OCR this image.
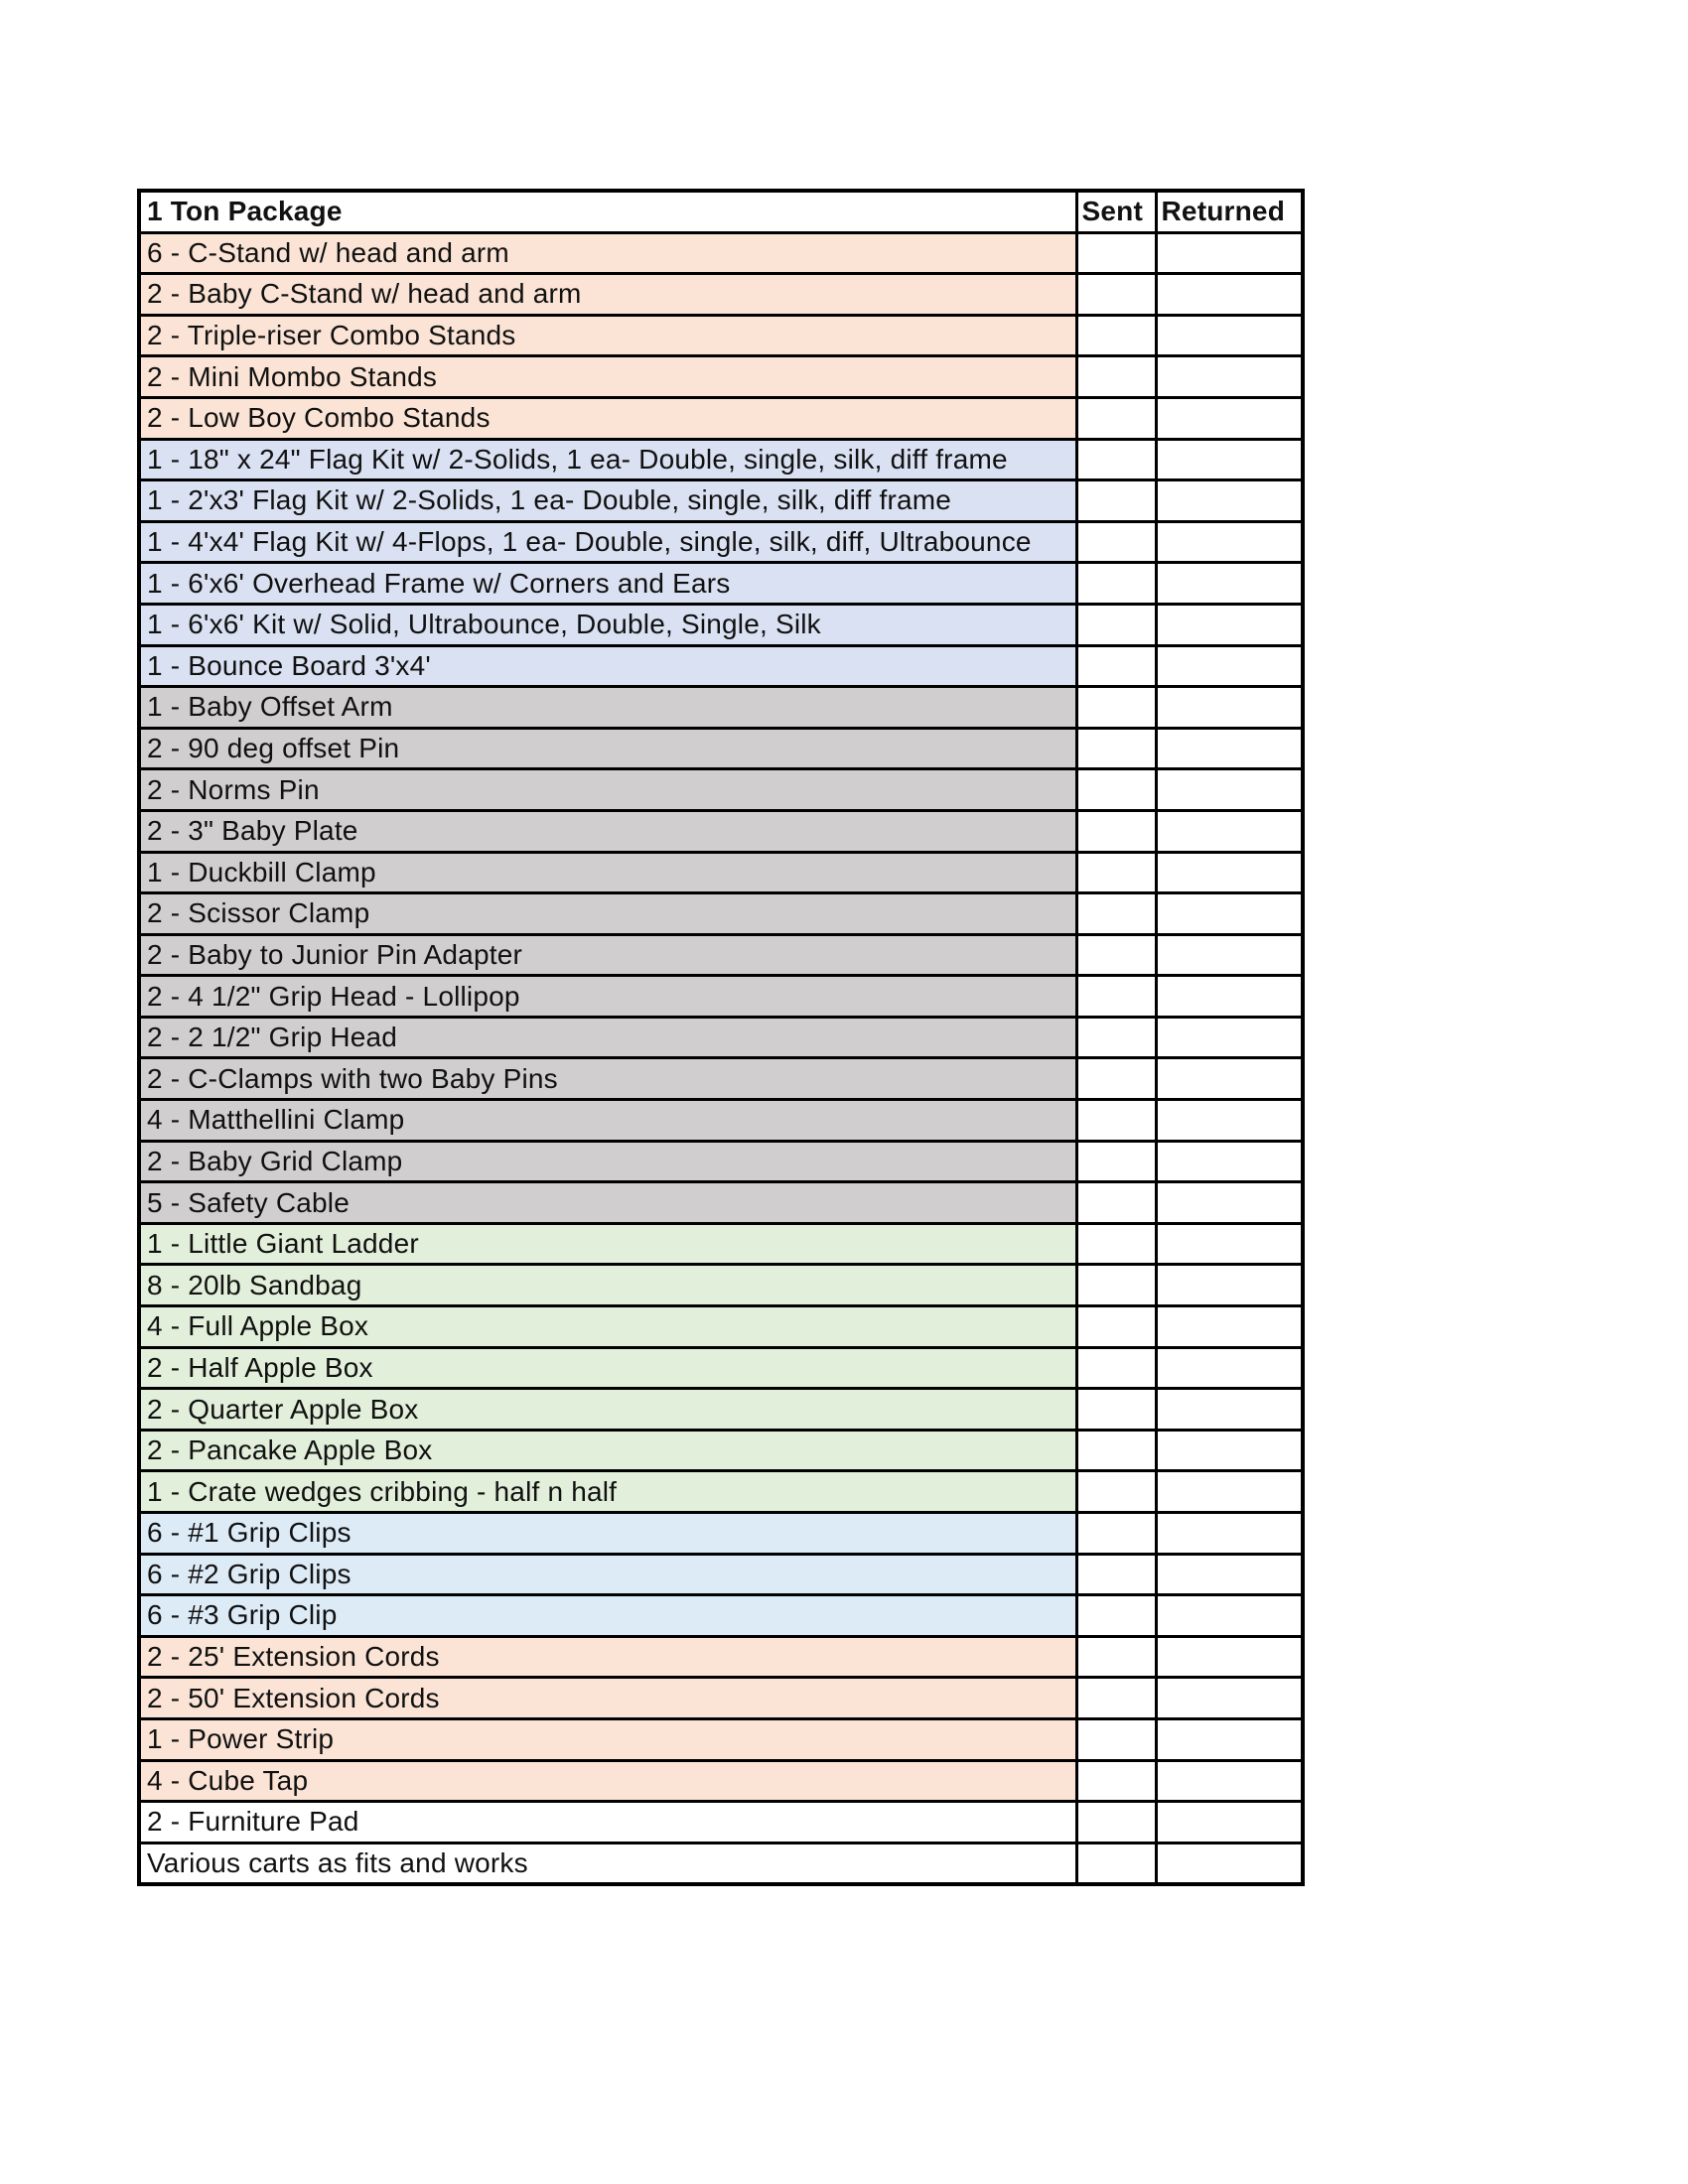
1 Ton Package	Sent	Returned
6 - C-Stand w/ head and arm		
2 - Baby C-Stand w/ head and arm		
2 - Triple-riser Combo Stands		
2 - Mini Mombo Stands		
2 - Low Boy Combo Stands		
1 - 18" x 24" Flag Kit w/ 2-Solids, 1 ea- Double, single, silk, diff frame		
1 - 2'x3' Flag Kit w/ 2-Solids, 1 ea- Double, single, silk, diff frame		
1 - 4'x4' Flag Kit w/ 4-Flops, 1 ea- Double, single, silk, diff, Ultrabounce		
1 - 6'x6' Overhead Frame w/ Corners and Ears		
1 - 6'x6' Kit w/ Solid, Ultrabounce, Double, Single, Silk		
1 - Bounce Board 3'x4'		
1 - Baby Offset Arm		
2 - 90 deg offset Pin		
2 - Norms Pin		
2 - 3" Baby Plate		
1 - Duckbill Clamp		
2 - Scissor Clamp		
2 - Baby to Junior Pin Adapter		
2 - 4 1/2" Grip Head - Lollipop		
2 - 2 1/2" Grip Head		
2 - C-Clamps with two Baby Pins		
4 - Matthellini Clamp		
2 - Baby Grid Clamp		
5 - Safety Cable		
1 - Little Giant Ladder		
8 - 20lb Sandbag		
4 - Full Apple Box		
2 - Half Apple Box		
2 - Quarter Apple Box		
2 - Pancake Apple Box		
1 - Crate wedges cribbing - half n half		
6 - #1 Grip Clips		
6 - #2 Grip Clips		
6 - #3 Grip Clip		
2 - 25' Extension Cords		
2 - 50' Extension Cords		
1 - Power Strip		
4 - Cube Tap		
2 - Furniture Pad		
Various carts as fits and works		
